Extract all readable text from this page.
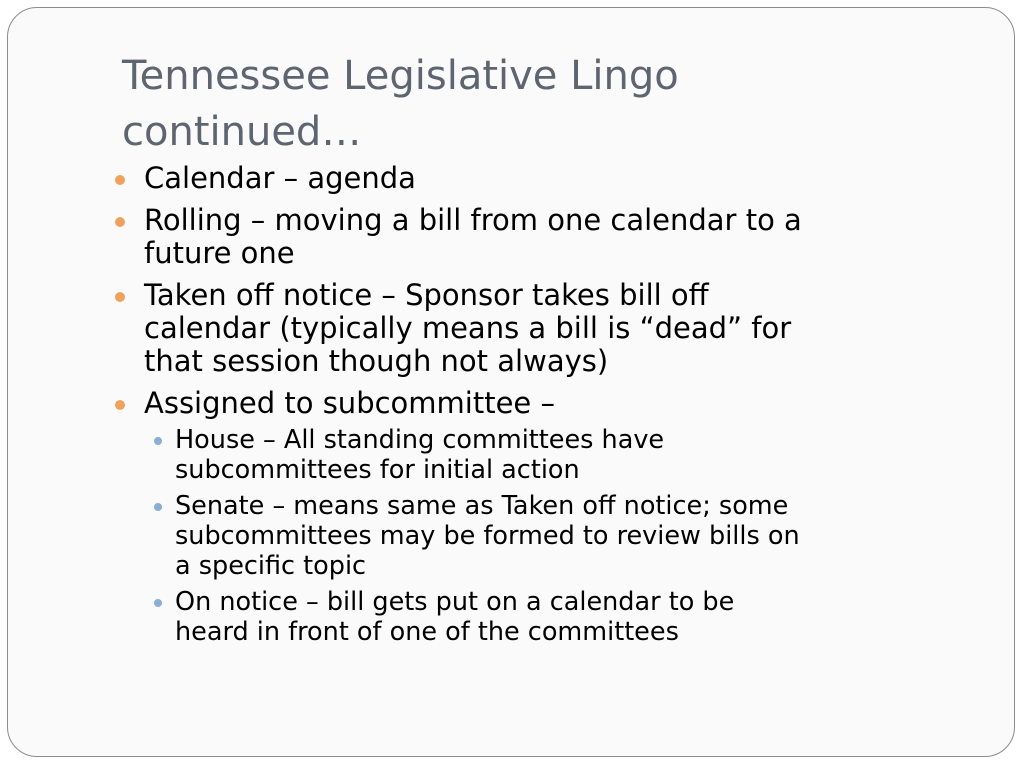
Tennessee Legislative Lingo
continued…
Calendar – agenda
Rolling – moving a bill from one calendar to a
future one
Taken off notice – Sponsor takes bill off
calendar (typically means a bill is “dead” for
that session though not always)
Assigned to subcommittee –
House – All standing committees have
subcommittees for initial action
Senate – means same as Taken off notice; some
subcommittees may be formed to review bills on
a specific topic
On notice – bill gets put on a calendar to be
heard in front of one of the committees
